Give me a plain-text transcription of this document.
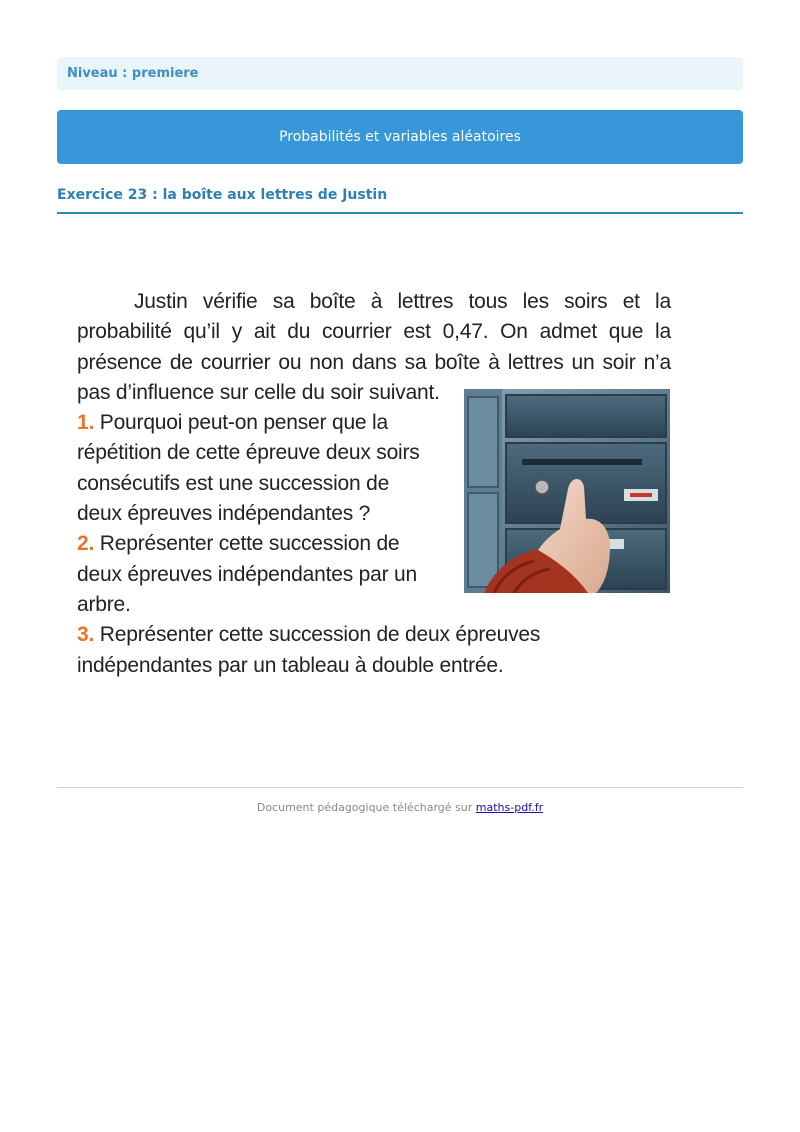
Niveau : premiere
Probabilités et variables aléatoires
Exercice 23 : la boîte aux lettres de Justin

Justin vérifie sa boîte à lettres tous les soirs et la probabilité qu’il y ait du courrier est 0,47. On admet que la présence de courrier ou non dans sa boîte à lettres un soir n’a pas d’influence sur celle du soir suivant.

1. Pourquoi peut-on penser que la répétition de cette épreuve deux soirs consécutifs est une succession de deux épreuves indépendantes ?

2. Représenter cette succession de deux épreuves indépendantes par un arbre.

3. Représenter cette succession de deux épreuves indépendantes par un tableau à double entrée.

Document pédagogique téléchargé sur maths-pdf.fr
